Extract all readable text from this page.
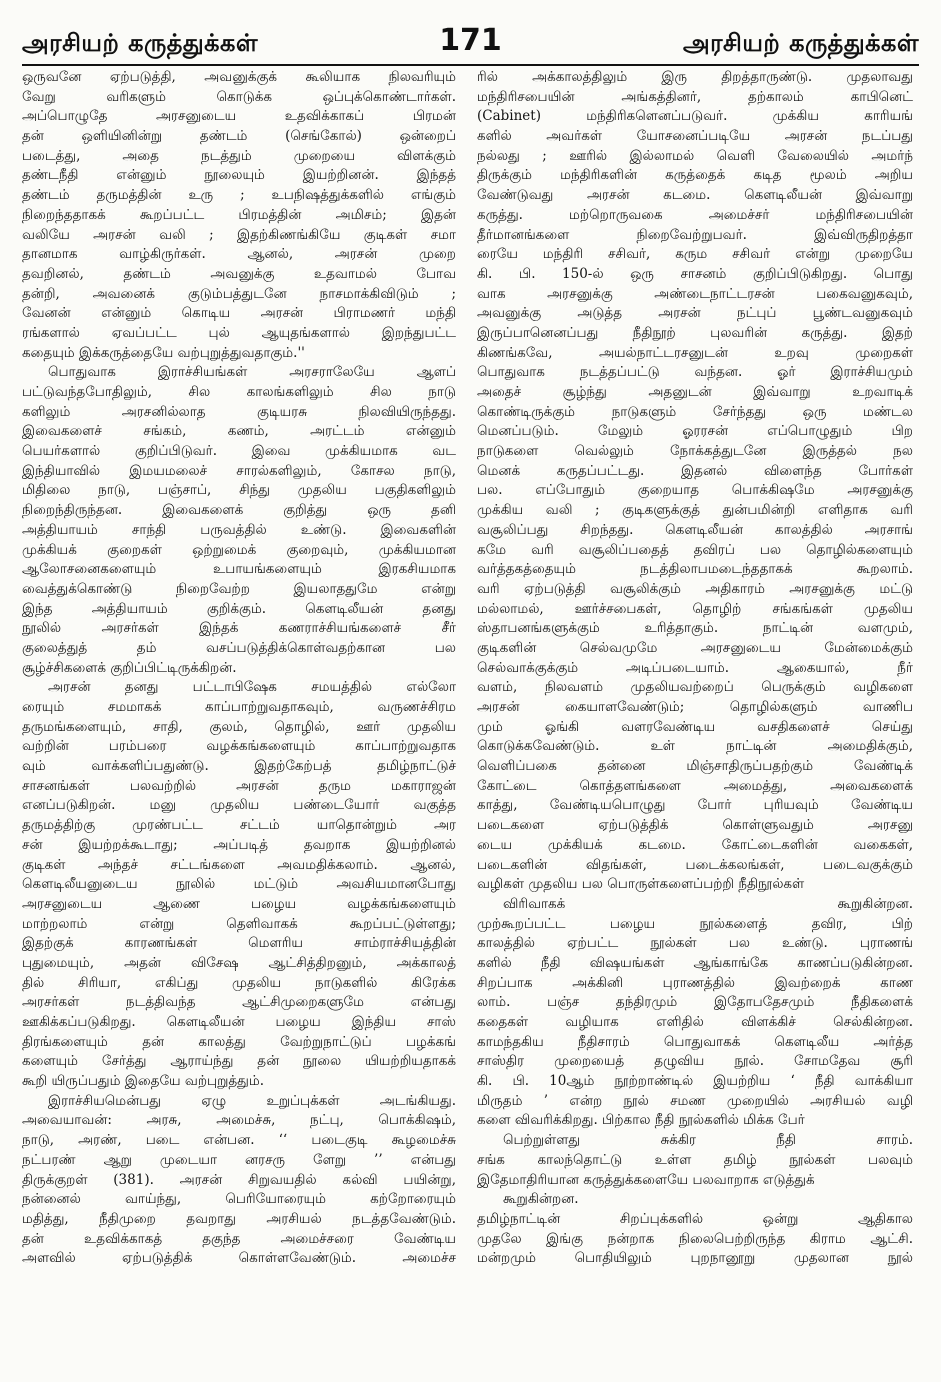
அரசியற் கருத்துக்கள்	171	அரசியற் கருத்துக்கள்
ஒருவனே ஏற்படுத்தி, அவனுக்குக் கூலியாக நிலவரியும்
வேறு வரிகளும் கொடுக்க ஒப்புக்கொண்டார்கள்.
அப்பொழுதே அரசனுடைய உதவிக்காகப் பிரமன்
தன் ஒளியினின்று தண்டம் (செங்கோல்) ஒன்றைப்
படைத்து, அதை நடத்தும் முறையை விளக்கும்
தண்டநீதி என்னும் நூலையும் இயற்றினன். இந்தத்
தண்டம் தருமத்தின் உரு ; உபநிஷத்துக்களில் எங்கும்
நிறைந்ததாகக் கூறப்பட்ட பிரமத்தின் அமிசம்; இதன்
வலியே அரசன் வலி ; இதற்கிணங்கியே குடிகள் சமா
தானமாக வாழ்கிருர்கள். ஆனல், அரசன் முறை
தவறினல், தண்டம் அவனுக்கு உதவாமல் போவ
தன்றி, அவனைக் குடும்பத்துடனே நாசமாக்கிவிடும் ;
வேனன் என்னும் கொடிய அரசன் பிராமணர் மந்தி
ரங்களால் ஏவப்பட்ட புல் ஆயுதங்களால் இறந்துபட்ட
கதையும் இக்கருத்தையே வற்புறுத்துவதாகும்.''
பொதுவாக இராச்சியங்கள் அரசராலேயே ஆளப்
பட்டுவந்தபோதிலும், சில காலங்களிலும் சில நாடு
களிலும் அரசனில்லாத குடியரசு நிலவியிருந்தது.
இவைகளைச் சங்கம், கணம், அரட்டம் என்னும்
பெயர்களால் குறிப்பிடுவர். இவை முக்கியமாக வட
இந்தியாவில் இமயமலைச் சாரல்களிலும், கோசல நாடு,
மிதிலை நாடு, பஞ்சாப், சிந்து முதலிய பகுதிகளிலும்
நிறைந்திருந்தன. இவைகளைக் குறித்து ஒரு தனி
அத்தியாயம் சாந்தி பருவத்தில் உண்டு. இவைகளின்
முக்கியக் குறைகள் ஒற்றுமைக் குறைவும், முக்கியமான
ஆலோசனைகளையும் உபாயங்களையும் இரகசியமாக
வைத்துக்கொண்டு நிறைவேற்ற இயலாததுமே என்று
இந்த அத்தியாயம் குறிக்கும். கௌடிலீயன் தனது
நூலில் அரசர்கள் இந்தக் கணராச்சியங்களைச் சீர்
குலைத்துத் தம் வசப்படுத்திக்கொள்வதற்கான பல
சூழ்ச்சிகளைக் குறிப்பிட்டிருக்கிறன்.
அரசன் தனது பட்டாபிஷேக சமயத்தில் எல்லோ
ரையும் சமமாகக் காப்பாற்றுவதாகவும், வருணச்சிரம
தருமங்களையும், சாதி, குலம், தொழில், ஊர் முதலிய
வற்றின் பரம்பரை வழக்கங்களையும் காப்பாற்றுவதாக
வும் வாக்களிப்பதுண்டு. இதற்கேற்பத் தமிழ்நாட்டுச்
சாசனங்கள் பலவற்றில் அரசன் தரும மகாராஜன்
எனப்படுகிறன். மனு முதலிய பண்டையோர் வகுத்த
தருமத்திற்கு முரண்பட்ட சட்டம் யாதொன்றும் அர
சன் இயற்றக்கூடாது; அப்படித் தவறாக இயற்றினல்
குடிகள் அந்தச் சட்டங்களை அவமதிக்கலாம். ஆனல்,
கௌடிலீயனுடைய நூலில் மட்டும் அவசியமானபோது
அரசனுடைய ஆணை பழைய வழக்கங்களையும்
மாற்றலாம் என்று தெளிவாகக் கூறப்பட்டுள்ளது;
இதற்குக் காரணங்கள் மௌரிய சாம்ராச்சியத்தின்
புதுமையும், அதன் விசேஷ ஆட்சித்திறனும், அக்காலத்
தில் சிரியா, எகிப்து முதலிய நாடுகளில் கிரேக்க
அரசர்கள் நடத்திவந்த ஆட்சிமுறைகளுமே என்பது
ஊகிக்கப்படுகிறது. கௌடிலீயன் பழைய இந்திய சாஸ்
திரங்களையும் தன் காலத்து வேற்றுநாட்டுப் பழக்கங்
களையும் சேர்த்து ஆராய்ந்து தன் நூலை யியற்றியதாகக்
கூறி யிருப்பதும் இதையே வற்புறுத்தும்.
இராச்சியமென்பது ஏழு உறுப்புக்கள் அடங்கியது.
அவையாவன்: அரசு, அமைச்சு, நட்பு, பொக்கிஷம்,
நாடு, அரண், படை என்பன. ‘‘ படைகுடி கூழமைச்சு
நட்பரண் ஆறு முடையா னரசரு ளேறு ’’ என்பது
திருக்குறள் (381). அரசன் சிறுவயதில் கல்வி பயின்று,
நன்னைல் வாய்ந்து, பெரியோரையும் கற்றோரையும்
மதித்து, நீதிமுறை தவறாது அரசியல் நடத்தவேண்டும்.
தன் உதவிக்காகத் தகுந்த அமைச்சரை வேண்டிய
அளவில் ஏற்படுத்திக் கொள்ளவேண்டும். அமைச்ச
ரில் அக்காலத்திலும் இரு திறத்தாருண்டு. முதலாவது
மந்திரிசபையின் அங்கத்தினர், தற்காலம் காபினெட்
(Cabinet) மந்திரிகளெனப்படுவர். முக்கிய காரியங்
களில் அவர்கள் யோசனைப்படியே அரசன் நடப்பது
நல்லது ; ஊரில் இல்லாமல் வெளி வேலையில் அமர்ந்
திருக்கும் மந்திரிகளின் கருத்தைக் கடித மூலம் அறிய
வேண்டுவது அரசன் கடமை. கௌடிலீயன் இவ்வாறு
கருத்து. மற்றொருவகை அமைச்சர் மந்திரிசபையின்
தீர்மானங்களை நிறைவேற்றுபவர். இவ்விருதிறத்தா
ரையே மந்திரி சசிவர், கரும சசிவர் என்று முறையே
கி. பி. 150-ல் ஒரு சாசனம் குறிப்பிடுகிறது. பொது
வாக அரசனுக்கு அண்டைநாட்டரசன் பகைவனுகவும்,
அவனுக்கு அடுத்த அரசன் நட்புப் பூண்டவனுகவும்
இருப்பானெனப்பது நீதிநூற் புலவரின் கருத்து. இதற்
கிணங்கவே, அயல்நாட்டரசனுடன் உறவு முறைகள்
பொதுவாக நடத்தப்பட்டு வந்தன. ஓர் இராச்சியமும்
அதைச் சூழ்ந்து அதனுடன் இவ்வாறு உறவாடிக்
கொண்டிருக்கும் நாடுகளும் சேர்ந்தது ஒரு மண்டல
மெனப்படும். மேலும் ஓரரசன் எப்பொழுதும் பிற
நாடுகளை வெல்லும் நோக்கத்துடனே இருத்தல் நல
மெனக் கருதப்பட்டது. இதனல் விளைந்த போர்கள்
பல. எப்போதும் குறையாத பொக்கிஷமே அரசனுக்கு
முக்கிய வலி ; குடிகளுக்குத் துன்பமின்றி எளிதாக வரி
வசூலிப்பது சிறந்தது. கௌடிலீயன் காலத்தில் அரசாங்
கமே வரி வசூலிப்பதைத் தவிரப் பல தொழில்களையும்
வர்த்தகத்தையும் நடத்திலாபமடைந்ததாகக் கூறலாம்.
வரி ஏற்படுத்தி வசூலிக்கும் அதிகாரம் அரசனுக்கு மட்டு
மல்லாமல், ஊர்ச்சபைகள், தொழிற் சங்கங்கள் முதலிய
ஸ்தாபனங்களுக்கும் உரித்தாகும். நாட்டின் வளமும்,
குடிகளின் செல்வமுமே அரசனுடைய மேன்மைக்கும்
செல்வாக்குக்கும் அடிப்படையாம். ஆகையால், நீர்
வளம், நிலவளம் முதலியவற்றைப் பெருக்கும் வழிகளை
அரசன் கையாளவேண்டும்; தொழில்களும் வாணிப
மும் ஓங்கி வளரவேண்டிய வசதிகளைச் செய்து
கொடுக்கவேண்டும். உள் நாட்டின் அமைதிக்கும்,
வெளிப்பகை தன்னை மிஞ்சாதிருப்பதற்கும் வேண்டிக்
கோட்டை கொத்தளங்களை அமைத்து, அவைகளைக்
காத்து, வேண்டியபொழுது போர் புரியவும் வேண்டிய
படைகளை ஏற்படுத்திக் கொள்ளுவதும் அரசனு
டைய முக்கியக் கடமை. கோட்டைகளின் வகைகள்,
படைகளின் விதங்கள், படைக்கலங்கள், படைவகுக்கும்
வழிகள் முதலிய பல பொருள்களைப்பற்றி நீதிநூல்கள்
விரிவாகக் கூறுகின்றன.
முற்கூறப்பட்ட பழைய நூல்களைத் தவிர, பிற்
காலத்தில் ஏற்பட்ட நூல்கள் பல உண்டு. புராணங்
களில் நீதி விஷயங்கள் ஆங்காங்கே காணப்படுகின்றன.
சிறப்பாக அக்கினி புராணத்தில் இவற்றைக் காண
லாம். பஞ்ச தந்திரமும் இதோபதேசமும் நீதிகளைக்
கதைகள் வழியாக எளிதில் விளக்கிச் செல்கின்றன.
காமந்தகிய நீதிசாரம் பொதுவாகக் கௌடிலீய அர்த்த
சாஸ்திர முறையைத் தழுவிய நூல். சோமதேவ சூரி
கி. பி. 10ஆம் நூற்றாண்டில் இயற்றிய ‘ நீதி வாக்கியா
மிருதம் ’ என்ற நூல் சமண முறையில் அரசியல் வழி
களை விவரிக்கிறது. பிற்கால நீதி நூல்களில் மிக்க பேர்
பெற்றுள்ளது சுக்கிர நீதி சாரம்.
சங்க காலந்தொட்டு உள்ள தமிழ் நூல்கள் பலவும்
இதேமாதிரியான கருத்துக்களையே பலவாறாக எடுத்துக்
கூறுகின்றன.
தமிழ்நாட்டின் சிறப்புக்களில் ஒன்று ஆதிகால
முதலே இங்கு நன்றாக நிலைபெற்றிருந்த கிராம ஆட்சி.
மன்றமும் பொதியிலும் புறநானூறு முதலான நூல்
